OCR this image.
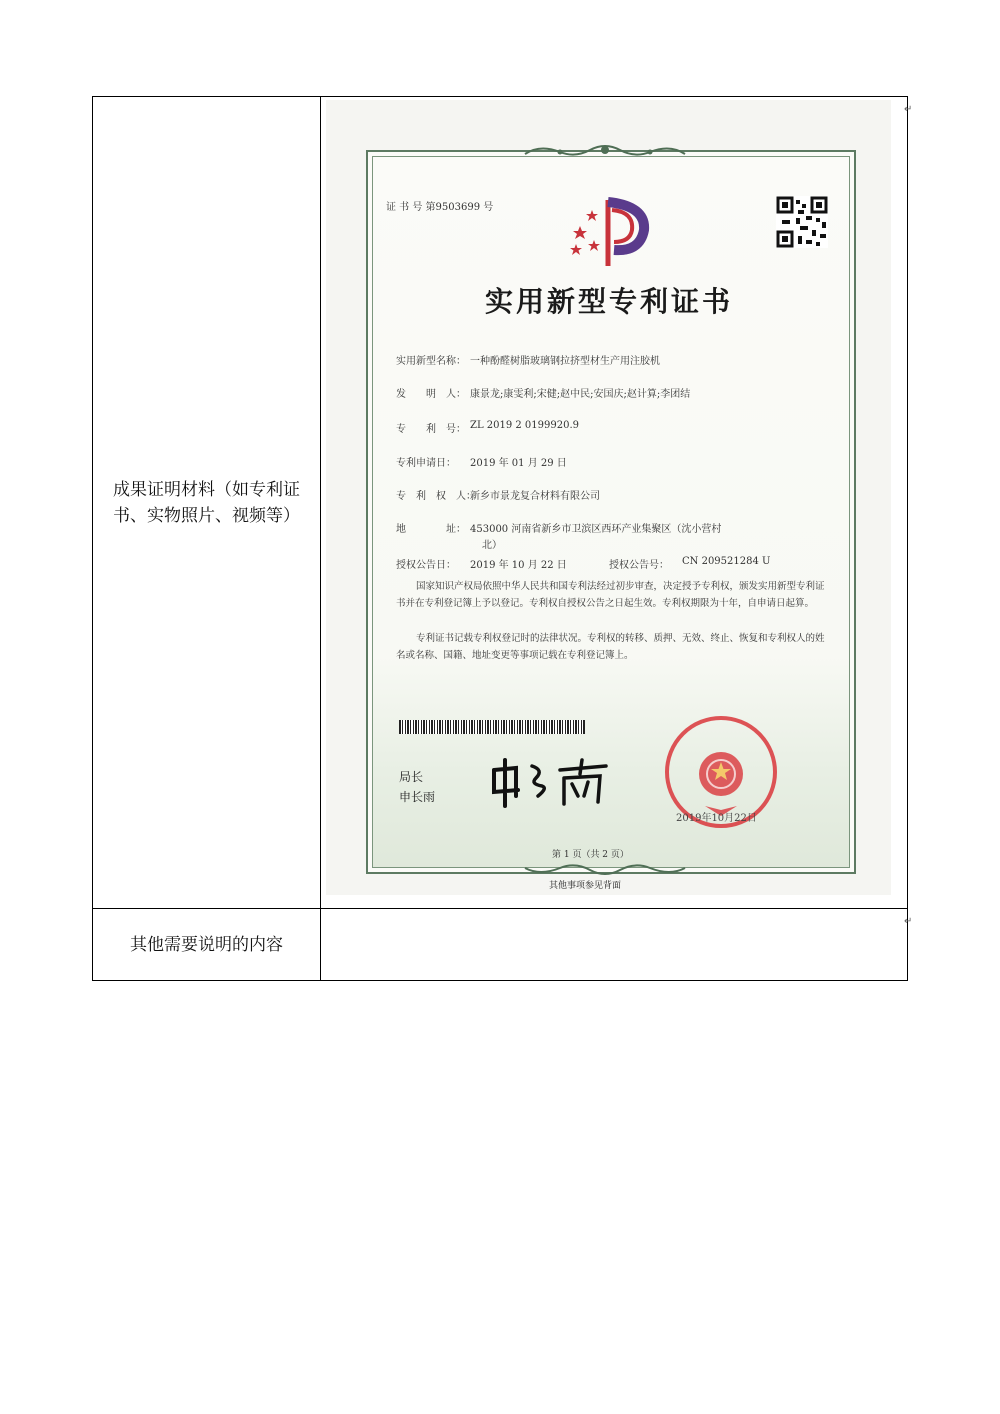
成果证明材料（如专利证书、实物照片、视频等）	
其他需要说明的内容	
↵
↵
证 书 号 第9503699 号
实用新型专利证书
实用新型名称： 一种酚醛树脂玻璃钢拉挤型材生产用注胶机
发　　明　人： 康景龙;康雯利;宋健;赵中民;安国庆;赵计算;李团结
专　　利　号： ZL 2019 2 0199920.9
专利申请日： 2019 年 01 月 29 日
专　利　权　人：
新乡市景龙复合材料有限公司
地　　　　址： 453000 河南省新乡市卫滨区西环产业集聚区（沈小营村
北）
授权公告日： 2019 年 10 月 22 日	授权公告号： CN 209521284 U
国家知识产权局依照中华人民共和国专利法经过初步审查，决定授予专利权，颁发实用新型专利证书并在专利登记簿上予以登记。专利权自授权公告之日起生效。专利权期限为十年，自申请日起算。
专利证书记载专利权登记时的法律状况。专利权的转移、质押、无效、终止、恢复和专利权人的姓名或名称、国籍、地址变更等事项记载在专利登记簿上。
局长
申长雨
2019年10月22日
第 1 页（共 2 页）
其他事项参见背面
